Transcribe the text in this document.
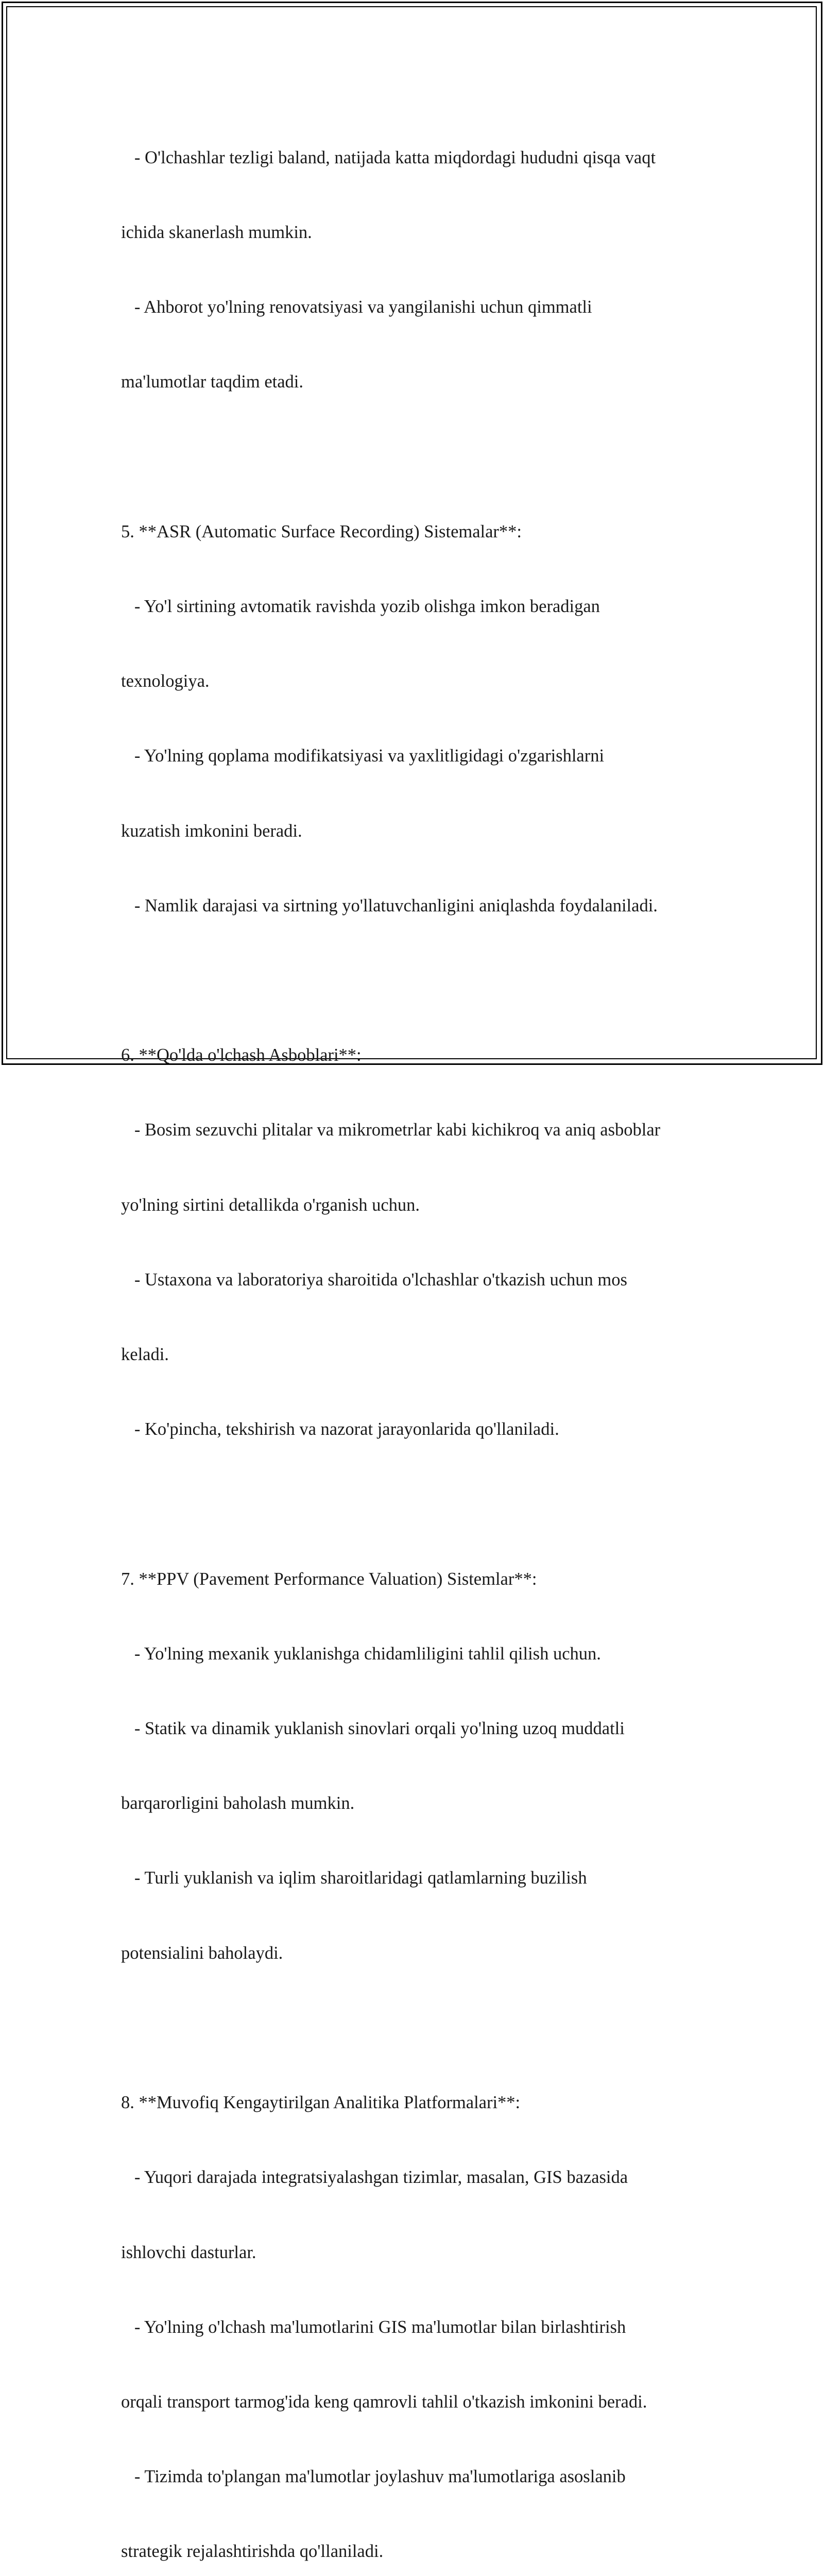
- O'lchashlar tezligi baland, natijada katta miqdordagi hududni qisqa vaqt

ichida skanerlash mumkin.

- Ahborot yo'lning renovatsiyasi va yangilanishi uchun qimmatli

ma'lumotlar taqdim etadi.

5. **ASR (Automatic Surface Recording) Sistemalar**:

- Yo'l sirtining avtomatik ravishda yozib olishga imkon beradigan

texnologiya.

- Yo'lning qoplama modifikatsiyasi va yaxlitligidagi o'zgarishlarni

kuzatish imkonini beradi.

- Namlik darajasi va sirtning yo'llatuvchanligini aniqlashda foydalaniladi.

6. **Qo'lda o'lchash Asboblari**:

- Bosim sezuvchi plitalar va mikrometrlar kabi kichikroq va aniq asboblar

yo'lning sirtini detallikda o'rganish uchun.

- Ustaxona va laboratoriya sharoitida o'lchashlar o'tkazish uchun mos

keladi.

- Ko'pincha, tekshirish va nazorat jarayonlarida qo'llaniladi.

7. **PPV (Pavement Performance Valuation) Sistemlar**:

- Yo'lning mexanik yuklanishga chidamliligini tahlil qilish uchun.

- Statik va dinamik yuklanish sinovlari orqali yo'lning uzoq muddatli

barqarorligini baholash mumkin.

- Turli yuklanish va iqlim sharoitlaridagi qatlamlarning buzilish

potensialini baholaydi.

8. **Muvofiq Kengaytirilgan Analitika Platformalari**:

- Yuqori darajada integratsiyalashgan tizimlar, masalan, GIS bazasida

ishlovchi dasturlar.

- Yo'lning o'lchash ma'lumotlarini GIS ma'lumotlar bilan birlashtirish

orqali transport tarmog'ida keng qamrovli tahlil o'tkazish imkonini beradi.

- Tizimda to'plangan ma'lumotlar joylashuv ma'lumotlariga asoslanib

strategik rejalashtirishda qo'llaniladi.
